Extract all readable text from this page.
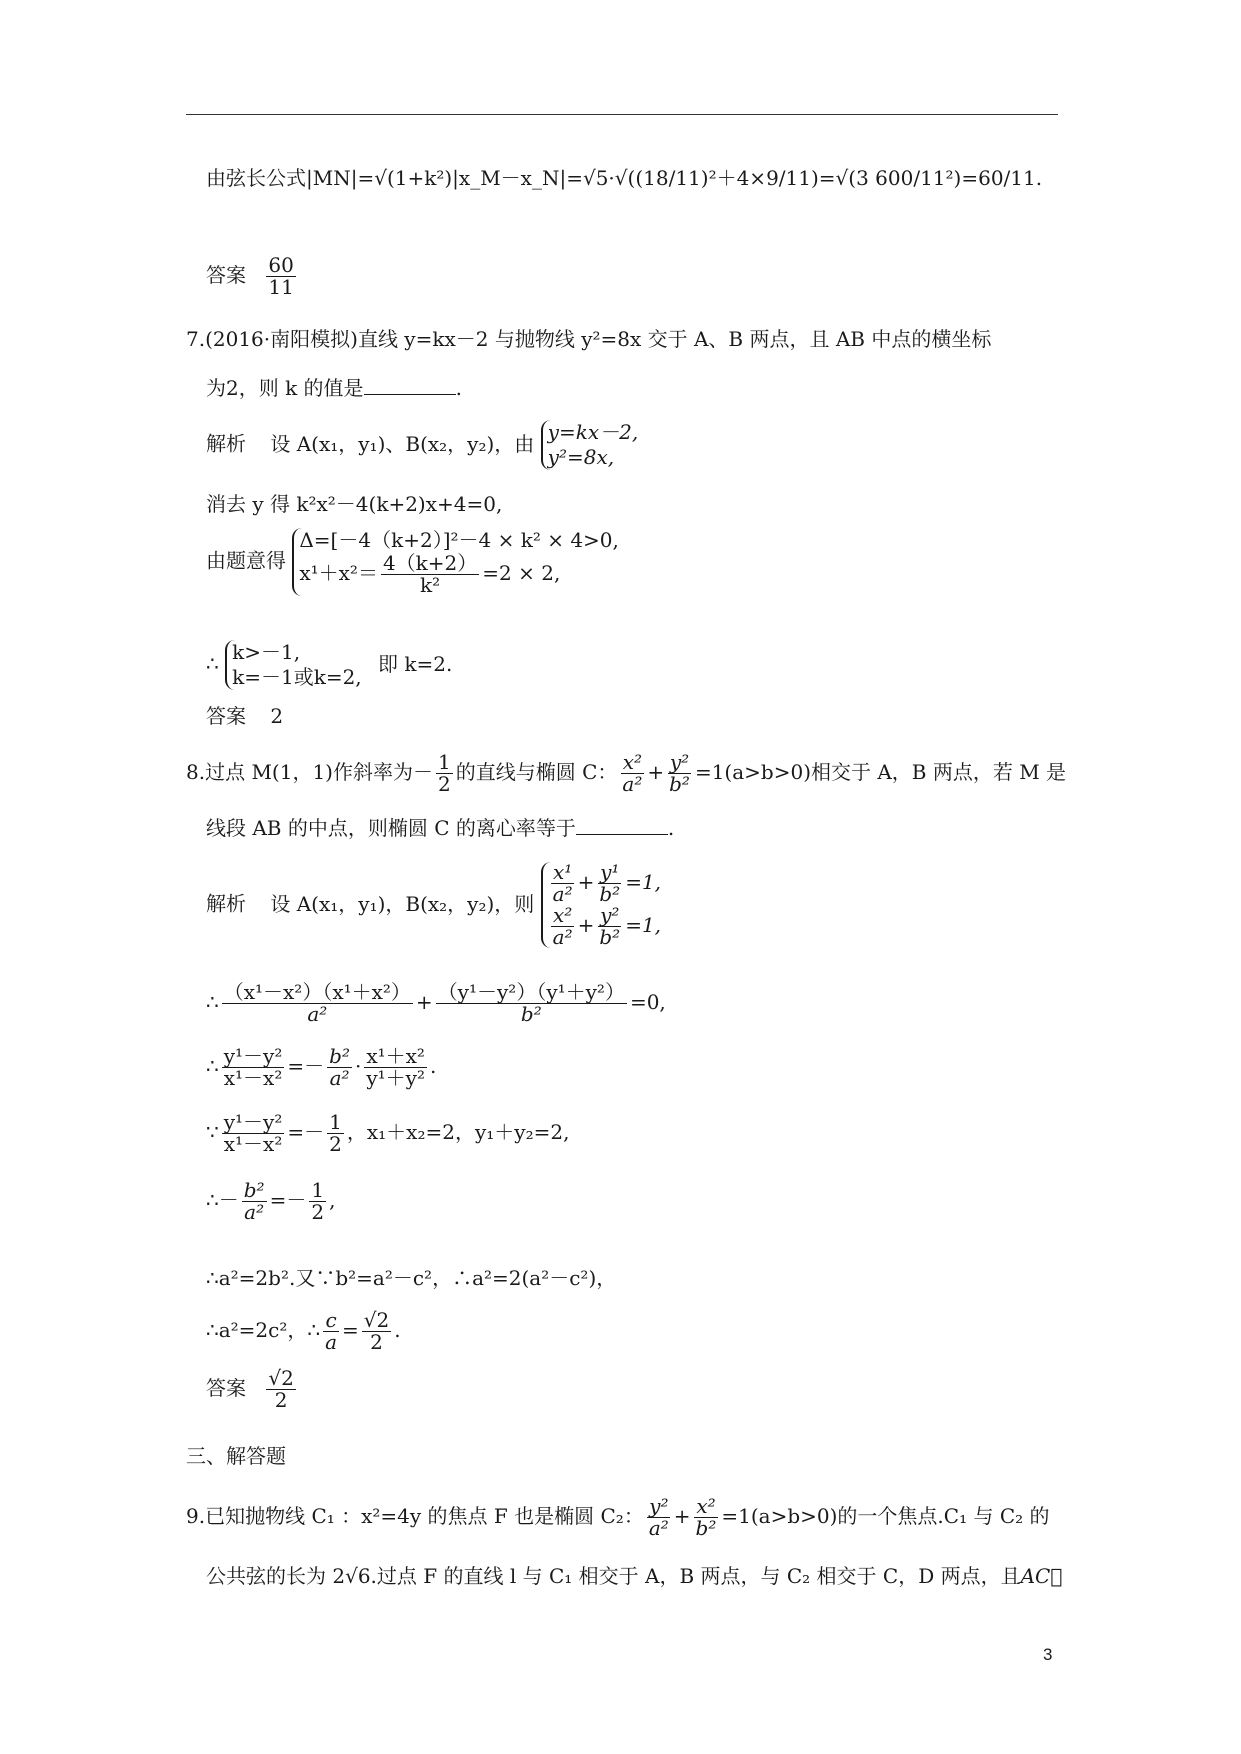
由弦长公式|MN|=√(1+k²)|x_M－x_N|=√5·√((18/11)²＋4×9/11)=√(3 600/11²)=60/11.
答案 $\frac{60}{11}$
7.(2016·南阳模拟)直线 y=kx－2 与抛物线 y²=8x 交于 A、B 两点，且 AB 中点的横坐标
为2，则 k 的值是	.
解析 设 A(x₁，y₁)、B(x₂，y₂)，由 y=kx－2,
y²=8x,
消去 y 得 k²x²－4(k+2)x+4=0,
由题意得
Δ=[－4（k+2）]²－4 × k² × 4>0,
$x^1+x^2= \frac{4(k+2)}{\text{k²}} =2 \times 2$,
∴ k>－1,
k=－1或k=2,
即 k=2.
答案 2
8.过点 M(1，1)作斜率为－ $\frac{1}{2}$ 的直线与椭圆 C： $\frac{\text{x²}}{\text{a²}} + \frac{\text{y²}}{\text{b²}} =1(a>b>0)$相交于 A，B 两点，若 M 是
线段 AB 的中点，则椭圆 C 的离心率等于	.
解析 设 A(x₁，y₁)，B(x₂，y₂)，则 $\frac{\text{x¹}}{\text{a²}} + \frac{\text{y¹}}{\text{b²}} =1$,
$\frac{\text{x²}}{\text{a²}} + \frac{\text{y²}}{\text{b²}} =1$,
∴ $\frac{\text{（x¹－x²）（x¹＋x²）}}{\text{a²}} + \frac{\text{（y¹－y²）（y¹＋y²）}}{\text{b²}} =0$,
∴ $\frac{\text{y¹－y²}}{\text{x¹－x²}} =- \frac{\text{b²}}{\text{a²}} \cdot \frac{\text{x¹＋x²}}{\text{y¹＋y²}}$ .
∵ $\frac{\text{y¹－y²}}{\text{x¹－x²}} =- \frac{1}{2}$ ，x₁＋x₂=2，y₁＋y₂=2,
∴－ $\frac{\text{b²}}{\text{a²}} =- \frac{1}{2}$ ,
∴a²=2b².又∵b²=a²－c²，∴a²=2(a²－c²)，
∴a²=2c²，∴ $\frac{c}{a} = \frac{√2}{2}$ .
答案 $\frac{√2}{2}$
三、解答题
9.已知抛物线 C₁ ：x²=4y 的焦点 F 也是椭圆 C₂： $\frac{\text{y²}}{\text{a²}} + \frac{\text{x²}}{\text{b²}} =1(a>b>0)$的一个焦点.C₁ 与 C₂ 的
公共弦的长为 2√6.过点 F 的直线 l 与 C₁ 相交于 A，B 两点，与 C₂ 相交于 C，D 两点，且AC⃗
3
